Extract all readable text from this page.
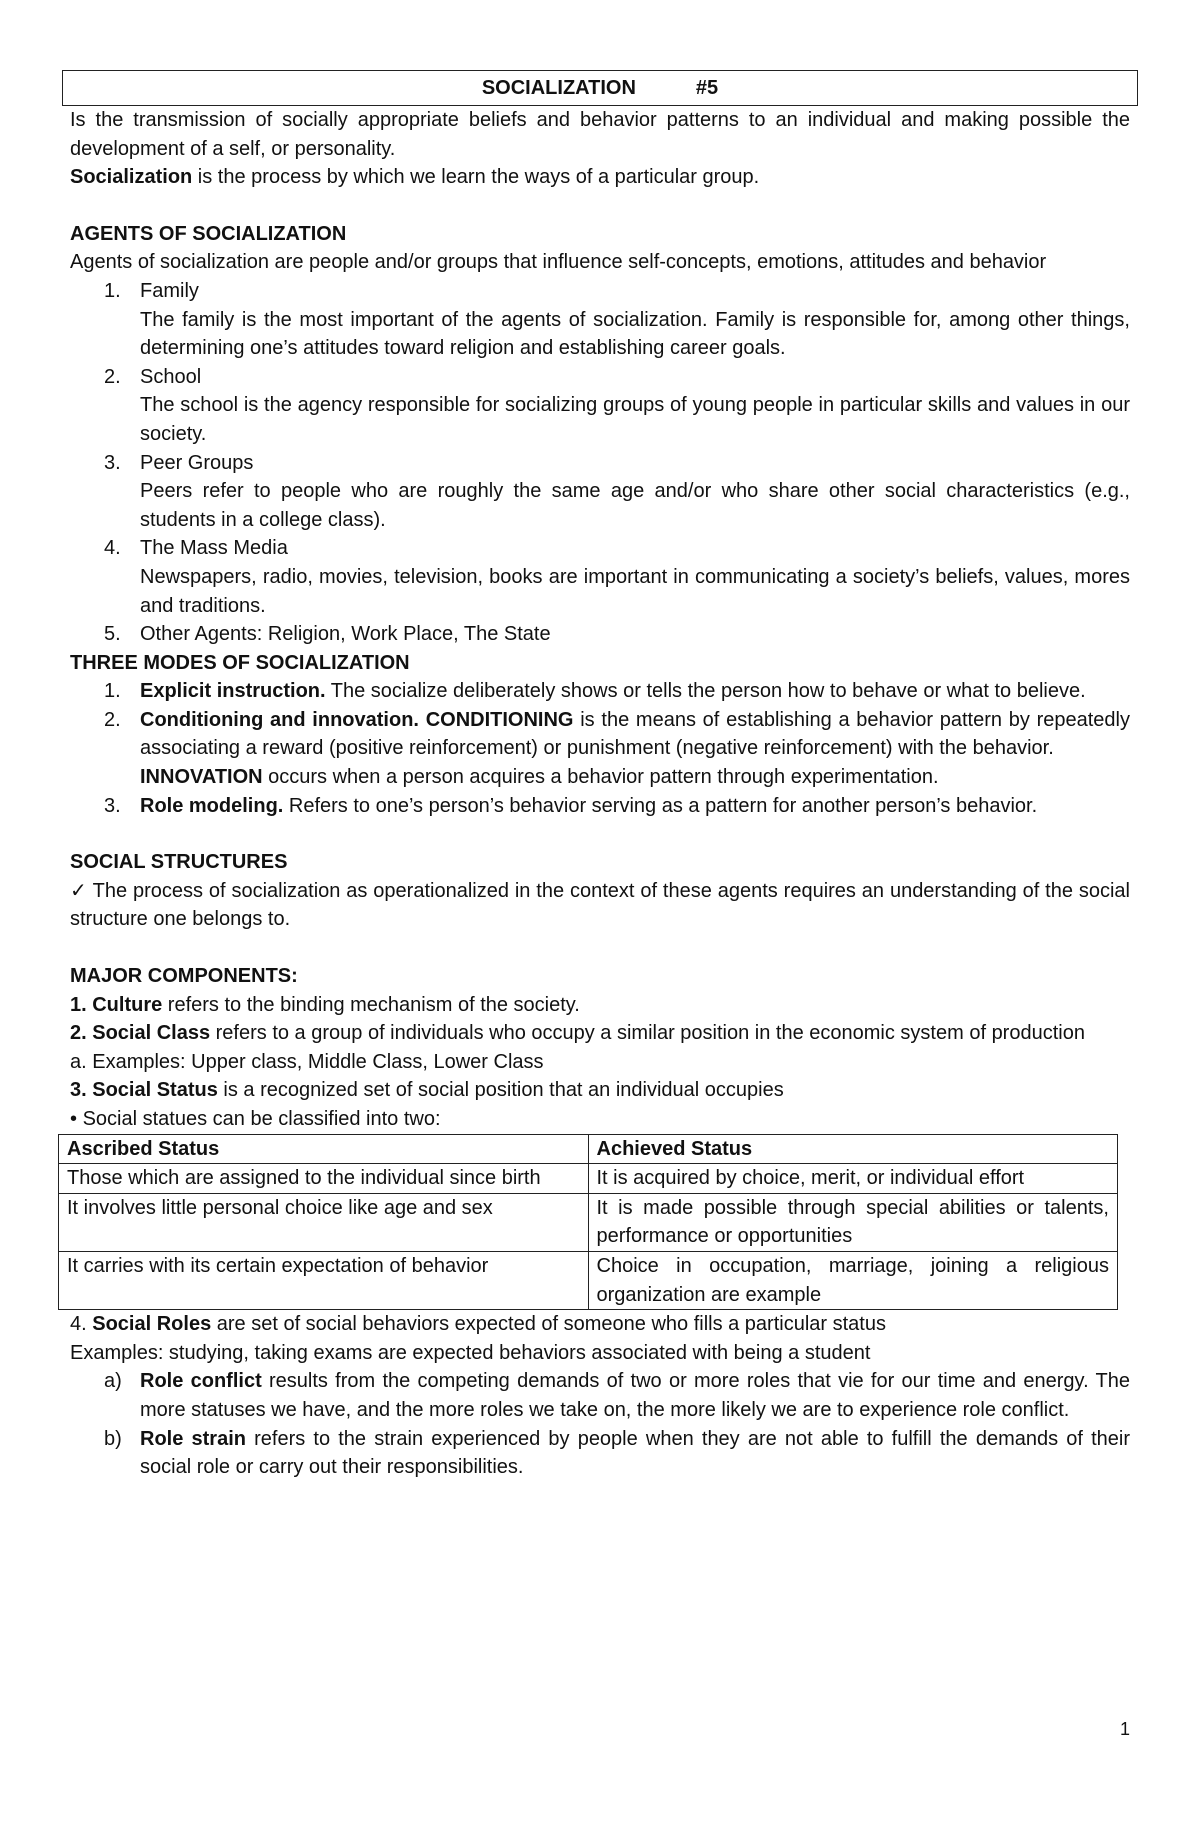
SOCIALIZATION	#5

Is the transmission of socially appropriate beliefs and behavior patterns to an individual and making possible the development of a self, or personality.

Socialization is the process by which we learn the ways of a particular group.

AGENTS OF SOCIALIZATION

Agents of socialization are people and/or groups that influence self-concepts, emotions, attitudes and behavior

1. Family
The family is the most important of the agents of socialization. Family is responsible for, among other things, determining one’s attitudes toward religion and establishing career goals.
2. School
The school is the agency responsible for socializing groups of young people in particular skills and values in our society.
3. Peer Groups
Peers refer to people who are roughly the same age and/or who share other social characteristics (e.g., students in a college class).
4. The Mass Media
Newspapers, radio, movies, television, books are important in communicating a society’s beliefs, values, mores and traditions.
5. Other Agents: Religion, Work Place, The State

THREE MODES OF SOCIALIZATION

1. Explicit instruction. The socialize deliberately shows or tells the person how to behave or what to believe.
2. Conditioning and innovation. CONDITIONING is the means of establishing a behavior pattern by repeatedly associating a reward (positive reinforcement) or punishment (negative reinforcement) with the behavior.
INNOVATION occurs when a person acquires a behavior pattern through experimentation.
3. Role modeling. Refers to one’s person’s behavior serving as a pattern for another person’s behavior.

SOCIAL STRUCTURES

✓ The process of socialization as operationalized in the context of these agents requires an understanding of the social structure one belongs to.

MAJOR COMPONENTS:

1. Culture refers to the binding mechanism of the society.

2. Social Class refers to a group of individuals who occupy a similar position in the economic system of production

a. Examples: Upper class, Middle Class, Lower Class

3. Social Status is a recognized set of social position that an individual occupies

• Social statues can be classified into two:

Ascribed Status	Achieved Status
Those which are assigned to the individual since birth	It is acquired by choice, merit, or individual effort
It involves little personal choice like age and sex	It is made possible through special abilities or talents, performance or opportunities
It carries with its certain expectation of behavior	Choice in occupation, marriage, joining a religious organization are example

4. Social Roles are set of social behaviors expected of someone who fills a particular status

Examples: studying, taking exams are expected behaviors associated with being a student

a) Role conflict results from the competing demands of two or more roles that vie for our time and energy. The more statuses we have, and the more roles we take on, the more likely we are to experience role conflict.
b) Role strain refers to the strain experienced by people when they are not able to fulfill the demands of their social role or carry out their responsibilities.
1
